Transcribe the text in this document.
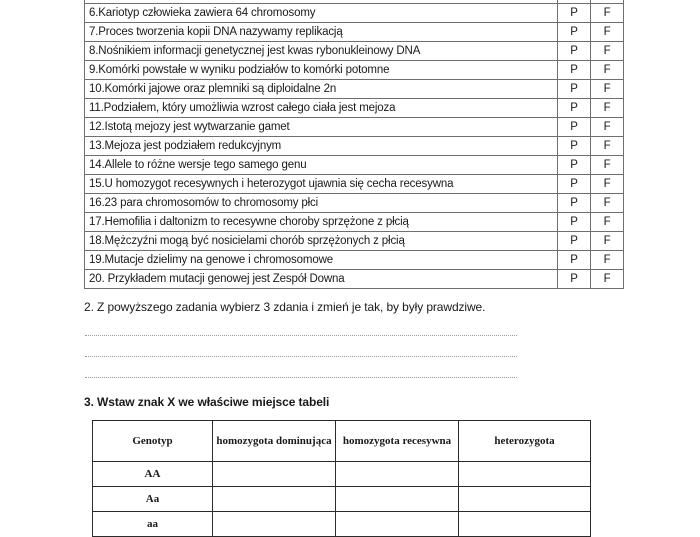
6.Kariotyp człowieka zawiera 64 chromosomy	P	F
7.Proces tworzenia kopii DNA nazywamy replikacją	P	F
8.Nośnikiem informacji genetycznej jest kwas rybonukleinowy DNA	P	F
9.Komórki powstałe w wyniku podziałów to komórki potomne	P	F
10.Komórki jajowe oraz plemniki są diploidalne 2n	P	F
11.Podziałem, który umożliwia wzrost całego ciała jest mejoza	P	F
12.Istotą mejozy jest wytwarzanie gamet	P	F
13.Mejoza jest podziałem redukcyjnym	P	F
14.Allele to różne wersje tego samego genu	P	F
15.U homozygot recesywnych i heterozygot ujawnia się cecha recesywna	P	F
16.23 para chromosomów to chromosomy płci	P	F
17.Hemofilia i daltonizm to recesywne choroby sprzężone z płcią	P	F
18.Mężczyźni mogą być nosicielami chorób sprzężonych z płcią	P	F
19.Mutacje dzielimy na genowe i chromosomowe	P	F
20. Przykładem mutacji genowej jest Zespół Downa	P	F
2. Z powyższego zadania wybierz 3 zdania i zmień je tak, by były prawdziwe.
3. Wstaw znak X we właściwe miejsce tabeli
Genotyp	homozygota dominująca	homozygota recesywna	heterozygota
AA			
Aa			
aa			
